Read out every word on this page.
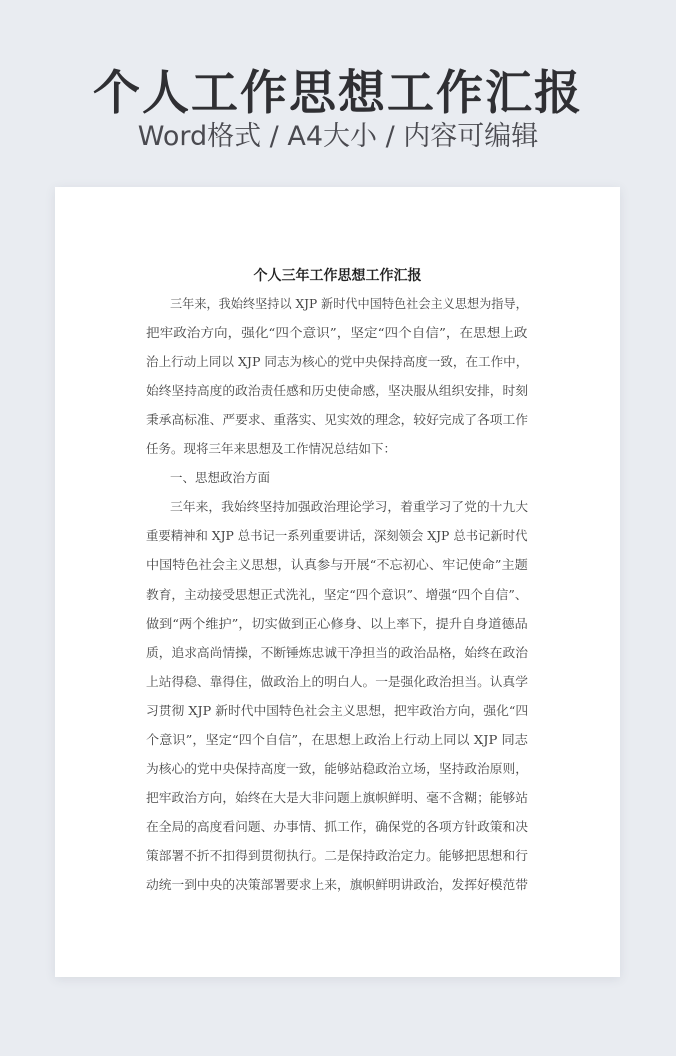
个人工作思想工作汇报
Word格式 / A4大小 / 内容可编辑
个人三年工作思想工作汇报
三年来，我始终坚持以 XJP 新时代中国特色社会主义思想为指导，
把牢政治方向，强化“四个意识”，坚定“四个自信”，在思想上政
治上行动上同以 XJP 同志为核心的党中央保持高度一致，在工作中，
始终坚持高度的政治责任感和历史使命感，坚决服从组织安排，时刻
秉承高标准、严要求、重落实、见实效的理念，较好完成了各项工作
任务。现将三年来思想及工作情况总结如下：
一、思想政治方面
三年来，我始终坚持加强政治理论学习，着重学习了党的十九大
重要精神和 XJP 总书记一系列重要讲话，深刻领会 XJP 总书记新时代
中国特色社会主义思想，认真参与开展“不忘初心、牢记使命”主题
教育，主动接受思想正式洗礼，坚定“四个意识”、增强“四个自信”、
做到“两个维护”，切实做到正心修身、以上率下，提升自身道德品
质，追求高尚情操，不断锤炼忠诚干净担当的政治品格，始终在政治
上站得稳、靠得住，做政治上的明白人。一是强化政治担当。认真学
习贯彻 XJP 新时代中国特色社会主义思想，把牢政治方向，强化“四
个意识”，坚定“四个自信”，在思想上政治上行动上同以 XJP 同志
为核心的党中央保持高度一致，能够站稳政治立场，坚持政治原则，
把牢政治方向，始终在大是大非问题上旗帜鲜明、毫不含糊；能够站
在全局的高度看问题、办事情、抓工作，确保党的各项方针政策和决
策部署不折不扣得到贯彻执行。二是保持政治定力。能够把思想和行
动统一到中央的决策部署要求上来，旗帜鲜明讲政治，发挥好模范带
